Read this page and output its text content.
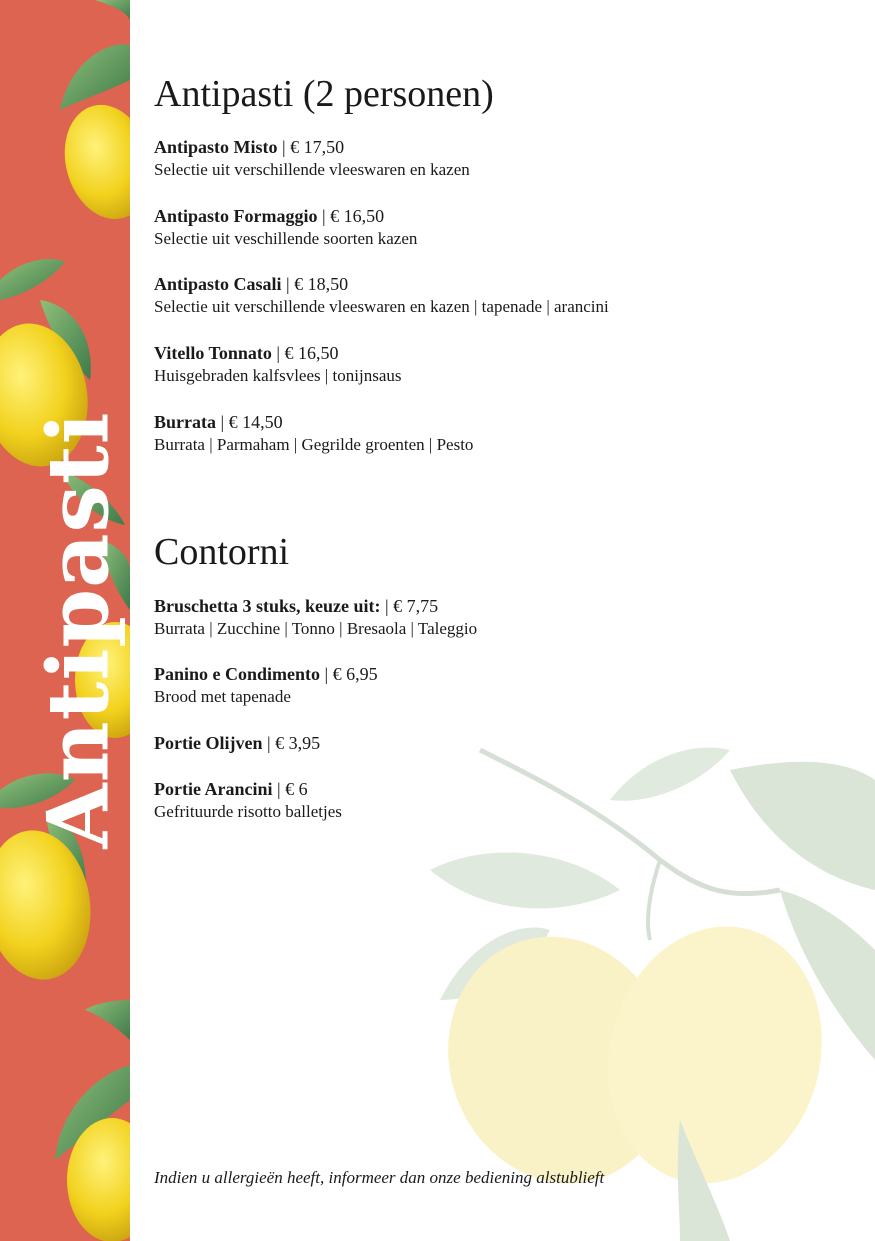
Antipasti
Antipasti (2 personen)
Antipasto Misto | € 17,50
Selectie uit verschillende vleeswaren en kazen
Antipasto Formaggio | € 16,50
Selectie uit veschillende soorten kazen
Antipasto Casali | € 18,50
Selectie uit verschillende vleeswaren en kazen | tapenade | arancini
Vitello Tonnato | € 16,50
Huisgebraden kalfsvlees | tonijnsaus
Burrata | € 14,50
Burrata | Parmaham | Gegrilde groenten | Pesto
Contorni
Bruschetta 3 stuks, keuze uit: | € 7,75
Burrata | Zucchine | Tonno | Bresaola | Taleggio
Panino e Condimento | € 6,95
Brood met tapenade
Portie Olijven | € 3,95
Portie Arancini | € 6
Gefrituurde risotto balletjes
Indien u allergieën heeft, informeer dan onze bediening alstublieft
